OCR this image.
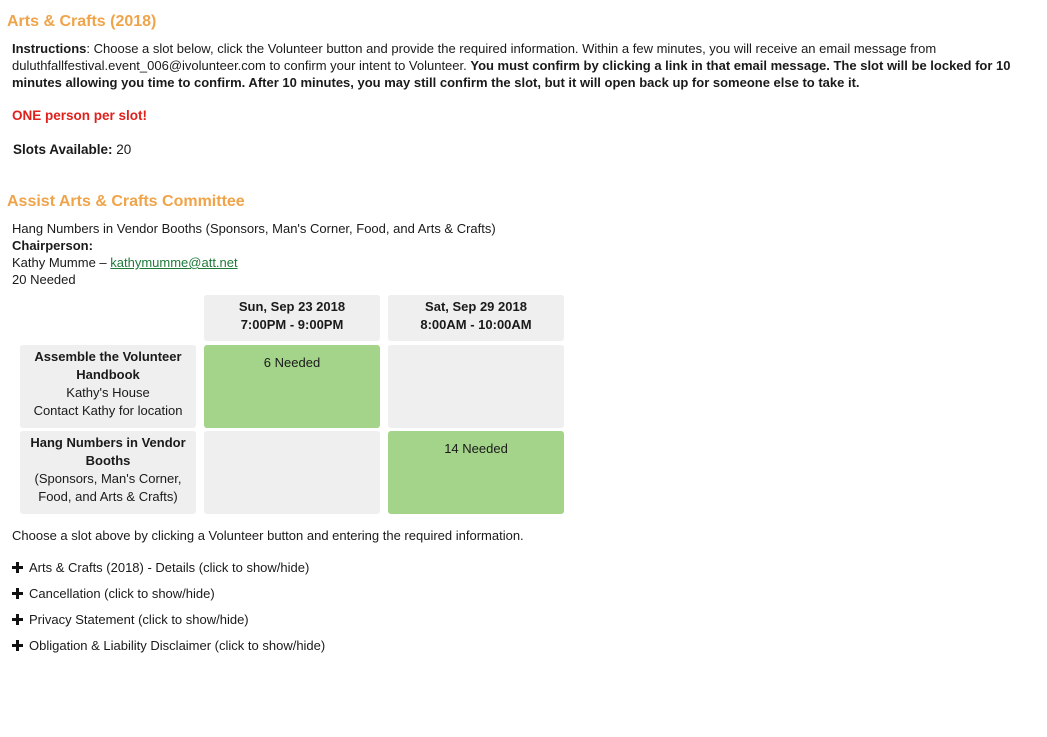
Arts & Crafts (2018)
Instructions: Choose a slot below, click the Volunteer button and provide the required information. Within a few minutes, you will receive an email message from duluthfallfestival.event_006@ivolunteer.com to confirm your intent to Volunteer. You must confirm by clicking a link in that email message. The slot will be locked for 10 minutes allowing you time to confirm. After 10 minutes, you may still confirm the slot, but it will open back up for someone else to take it.
ONE person per slot!
Slots Available: 20
Assist Arts & Crafts Committee
Hang Numbers in Vendor Booths (Sponsors, Man's Corner, Food, and Arts & Crafts)
Chairperson:
Kathy Mumme – kathymumme@att.net
20 Needed
Sun, Sep 23 2018
7:00PM - 9:00PM
Sat, Sep 29 2018
8:00AM - 10:00AM
Assemble the Volunteer Handbook
Kathy's House
Contact Kathy for location
6 Needed
Hang Numbers in Vendor Booths
(Sponsors, Man's Corner,
Food, and Arts & Crafts)
14 Needed
Choose a slot above by clicking a Volunteer button and entering the required information.
Arts & Crafts (2018) - Details (click to show/hide)
Cancellation (click to show/hide)
Privacy Statement (click to show/hide)
Obligation & Liability Disclaimer (click to show/hide)
